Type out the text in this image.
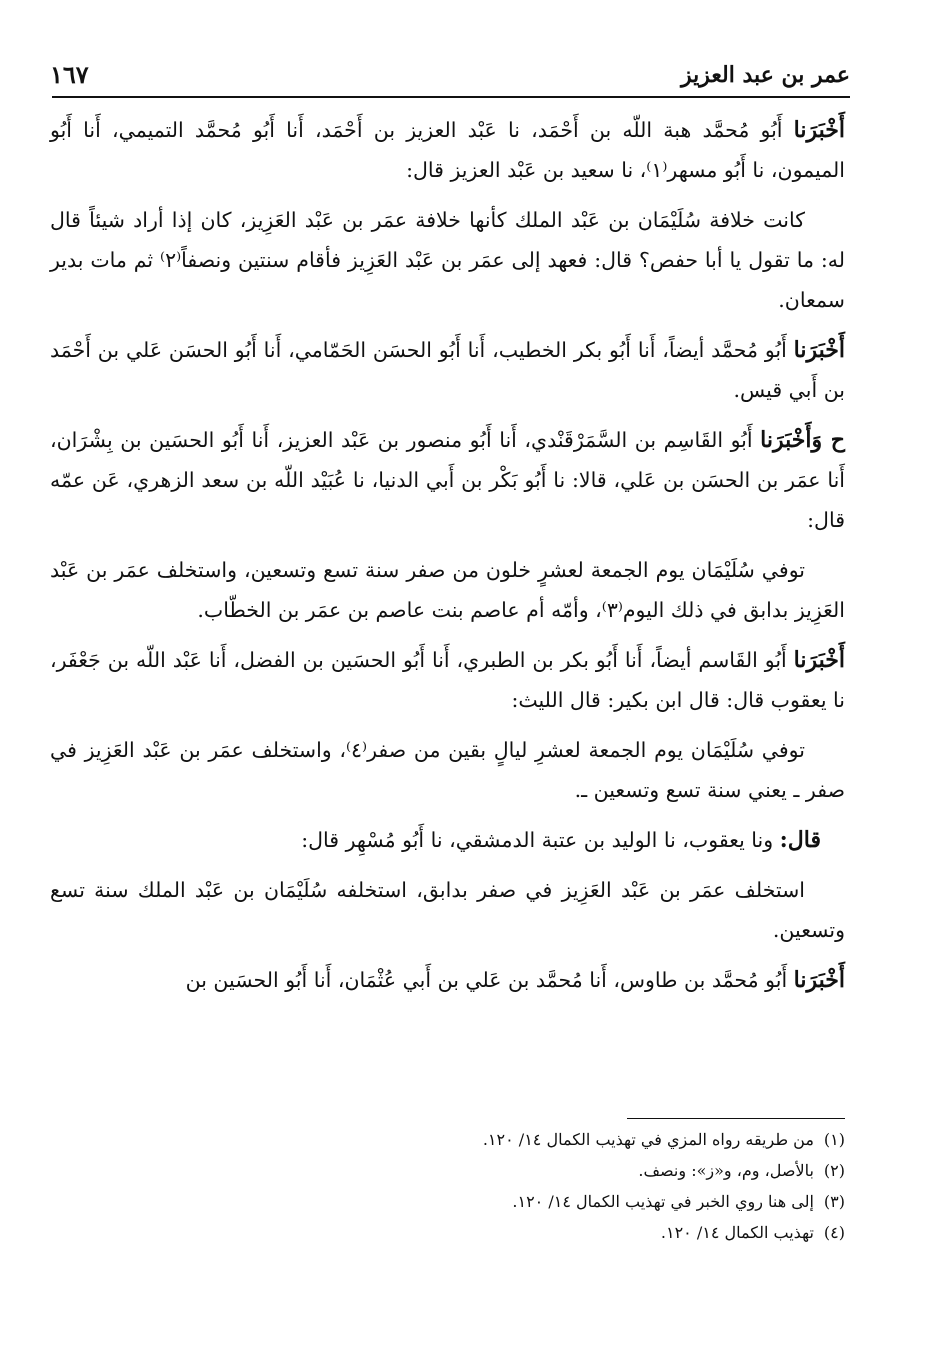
عمر بن عبد العزيز
١٦٧

أَخْبَرَنا أَبُو مُحمَّد هبة اللّه بن أَحْمَد، نا عَبْد العزيز بن أَحْمَد، أَنا أَبُو مُحمَّد التميمي، أَنا أَبُو الميمون، نا أَبُو مسهر⁽١⁾، نا سعيد بن عَبْد العزيز قال:

كانت خلافة سُلَيْمَان بن عَبْد الملك كأنها خلافة عمَر بن عَبْد العَزِيز، كان إذا أراد شيئاً قال له: ما تقول يا أبا حفص؟ قال: فعهد إلى عمَر بن عَبْد العَزِيز فأقام سنتين ونصفاً⁽٢⁾ ثم مات بدير سمعان.

أَخْبَرَنا أَبُو مُحمَّد أيضاً، أَنا أَبُو بكر الخطيب، أَنا أَبُو الحسَن الحَمّامي، أَنا أَبُو الحسَن عَلي بن أَحْمَد بن أَبي قيس.

ح وَأَخْبَرَنا أَبُو القَاسِم بن السَّمَرْقَنْدي، أَنا أَبُو منصور بن عَبْد العزيز، أَنا أَبُو الحسَين بن بِشْرَان، أَنا عمَر بن الحسَن بن عَلي، قالا: نا أَبُو بَكْر بن أَبي الدنيا، نا عُبَيْد اللّه بن سعد الزهري، عَن عمّه قال:

توفي سُلَيْمَان يوم الجمعة لعشرٍ خلون من صفر سنة تسع وتسعين، واستخلف عمَر بن عَبْد العَزِيز بدابق في ذلك اليوم⁽٣⁾، وأمّه أم عاصم بنت عاصم بن عمَر بن الخطّاب.

أَخْبَرَنا أَبُو القَاسم أيضاً، أَنا أَبُو بكر بن الطبري، أَنا أَبُو الحسَين بن الفضل، أَنا عَبْد اللّه بن جَعْفَر، نا يعقوب قال: قال ابن بكير: قال الليث:

توفي سُلَيْمَان يوم الجمعة لعشرِ ليالٍ بقين من صفر⁽٤⁾، واستخلف عمَر بن عَبْد العَزِيز في صفر ـ يعني سنة تسع وتسعين ـ.

قال: ونا يعقوب، نا الوليد بن عتبة الدمشقي، نا أَبُو مُسْهِر قال:

استخلف عمَر بن عَبْد العَزِيز في صفر بدابق، استخلفه سُلَيْمَان بن عَبْد الملك سنة تسع وتسعين.

أَخْبَرَنا أَبُو مُحمَّد بن طاوس، أَنا مُحمَّد بن عَلي بن أَبي عُثْمَان، أَنا أَبُو الحسَين بن

(١)من طريقه رواه المزي في تهذيب الكمال ١٤/ ١٢٠.
(٢)بالأصل، وم، و«ز»: ونصف.
(٣)إلى هنا روي الخبر في تهذيب الكمال ١٤/ ١٢٠.
(٤)تهذيب الكمال ١٤/ ١٢٠.
